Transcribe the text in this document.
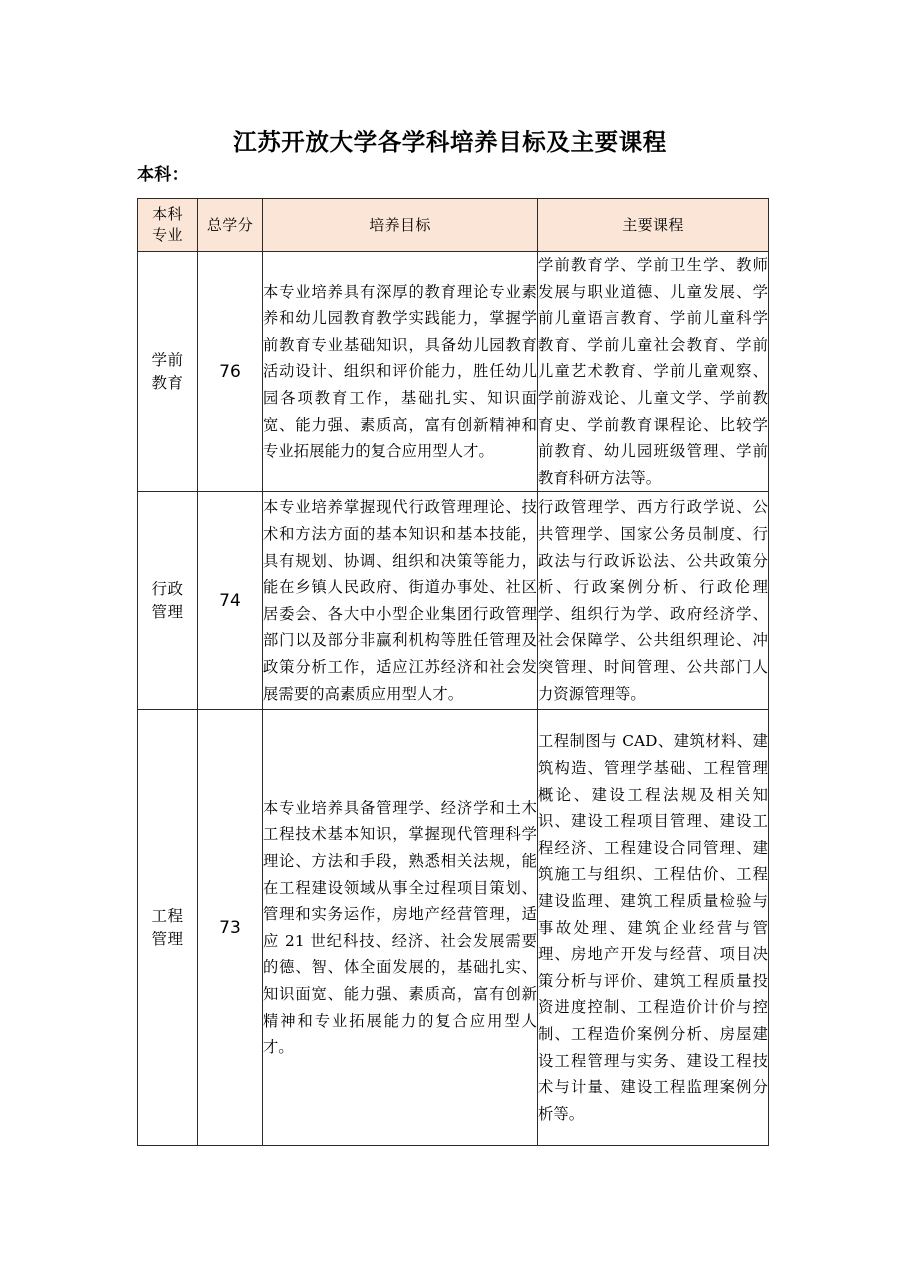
江苏开放大学各学科培养目标及主要课程
本科：
本科
专业	总学分	培养目标	主要课程

学前
教育	76	本专业培养具有深厚的教育理论专业素养和幼儿园教育教学实践能力，掌握学前教育专业基础知识，具备幼儿园教育活动设计、组织和评价能力，胜任幼儿园各项教育工作，基础扎实、知识面宽、能力强、素质高，富有创新精神和专业拓展能力的复合应用型人才。	学前教育学、学前卫生学、教师发展与职业道德、儿童发展、学前儿童语言教育、学前儿童科学教育、学前儿童社会教育、学前儿童艺术教育、学前儿童观察、学前游戏论、儿童文学、学前教育史、学前教育课程论、比较学前教育、幼儿园班级管理、学前教育科研方法等。

行政
管理	74	本专业培养掌握现代行政管理理论、技术和方法方面的基本知识和基本技能，具有规划、协调、组织和决策等能力，能在乡镇人民政府、街道办事处、社区居委会、各大中小型企业集团行政管理部门以及部分非赢利机构等胜任管理及政策分析工作，适应江苏经济和社会发展需要的高素质应用型人才。	行政管理学、西方行政学说、公共管理学、国家公务员制度、行政法与行政诉讼法、公共政策分析、行政案例分析、行政伦理学、组织行为学、政府经济学、社会保障学、公共组织理论、冲突管理、时间管理、公共部门人力资源管理等。

工程
管理	73	本专业培养具备管理学、经济学和土木工程技术基本知识，掌握现代管理科学理论、方法和手段，熟悉相关法规，能在工程建设领域从事全过程项目策划、管理和实务运作，房地产经营管理，适应 21 世纪科技、经济、社会发展需要的德、智、体全面发展的，基础扎实、知识面宽、能力强、素质高，富有创新精神和专业拓展能力的复合应用型人才。	工程制图与 CAD、建筑材料、建筑构造、管理学基础、工程管理概论、建设工程法规及相关知识、建设工程项目管理、建设工程经济、工程建设合同管理、建筑施工与组织、工程估价、工程建设监理、建筑工程质量检验与事故处理、建筑企业经营与管理、房地产开发与经营、项目决策分析与评价、建筑工程质量投资进度控制、工程造价计价与控制、工程造价案例分析、房屋建设工程管理与实务、建设工程技术与计量、建设工程监理案例分析等。
